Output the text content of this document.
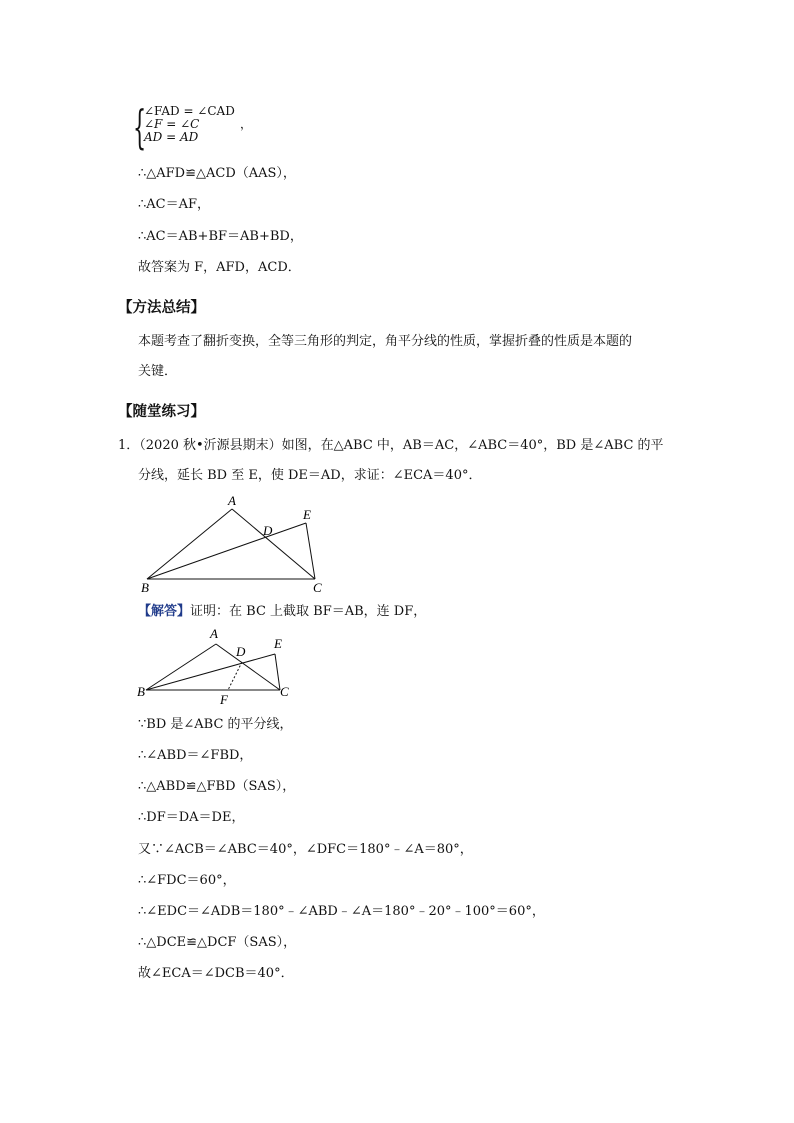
{
∠FAD = ∠CAD
∠F = ∠C
AD = AD
，
∴△AFD≌△ACD（AAS），
∴AC＝AF，
∴AC＝AB+BF＝AB+BD，
故答案为 F，AFD，ACD．
【方法总结】
本题考查了翻折变换，全等三角形的判定，角平分线的性质，掌握折叠的性质是本题的
关键．
【随堂练习】
1．（2020 秋•沂源县期末）如图，在△ABC 中，AB＝AC，∠ABC＝40°，BD 是∠ABC 的平
分线，延长 BD 至 E，使 DE＝AD，求证：∠ECA＝40°．
A
B	C
D
E
【解答】证明：在 BC 上截取 BF＝AB，连 DF，
A
B	C
D
E
F
∵BD 是∠ABC 的平分线，
∴∠ABD＝∠FBD，
∴△ABD≌△FBD（SAS），
∴DF＝DA＝DE，
又∵∠ACB＝∠ABC＝40°，∠DFC＝180°﹣∠A＝80°，
∴∠FDC＝60°，
∴∠EDC＝∠ADB＝180°﹣∠ABD﹣∠A＝180°﹣20°﹣100°＝60°，
∴△DCE≌△DCF（SAS），
故∠ECA＝∠DCB＝40°．
